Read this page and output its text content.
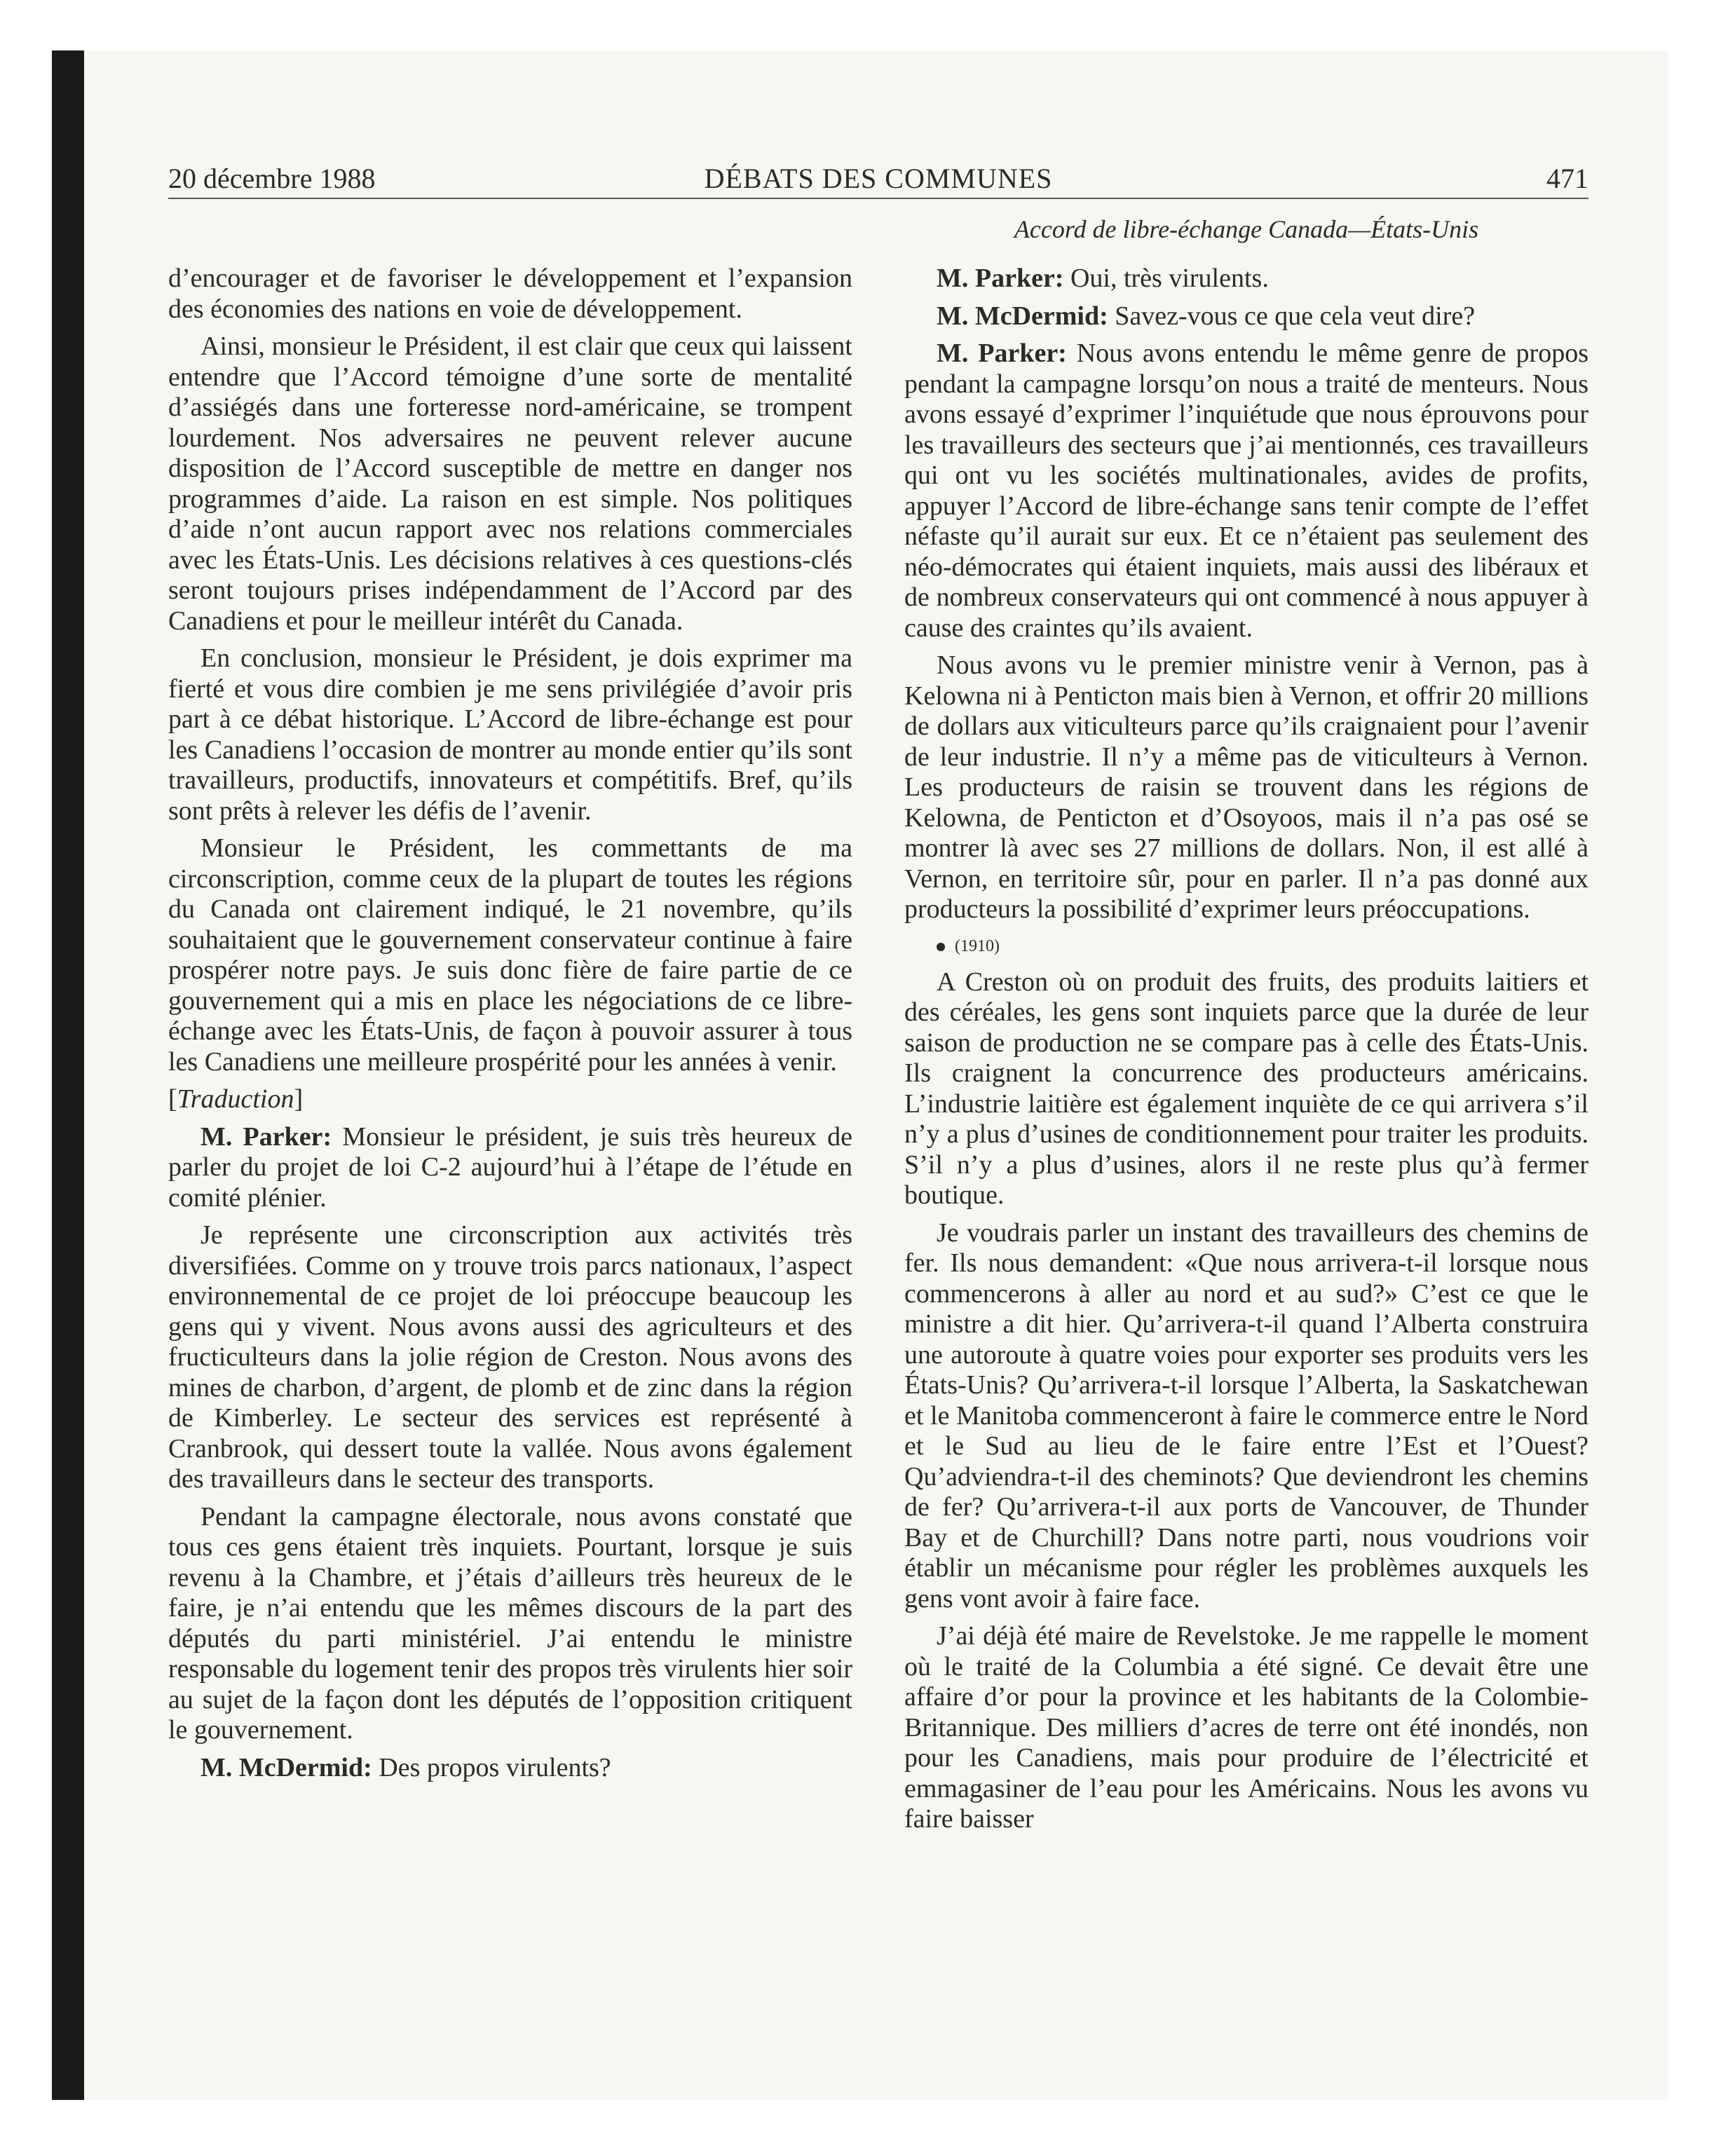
20 décembre 1988	DÉBATS DES COMMUNES	471
Accord de libre-échange Canada—États-Unis

d’encourager et de favoriser le développement et l’expansion des économies des nations en voie de développement.

Ainsi, monsieur le Président, il est clair que ceux qui laissent entendre que l’Accord témoigne d’une sorte de mentalité d’assiégés dans une forteresse nord-américaine, se trompent lourdement. Nos adversaires ne peuvent relever aucune disposition de l’Accord susceptible de mettre en danger nos programmes d’aide. La raison en est simple. Nos politiques d’aide n’ont aucun rapport avec nos relations commerciales avec les États-Unis. Les décisions relatives à ces questions-clés seront toujours prises indépendamment de l’Accord par des Canadiens et pour le meilleur intérêt du Canada.

En conclusion, monsieur le Président, je dois exprimer ma fierté et vous dire combien je me sens privilégiée d’avoir pris part à ce débat historique. L’Accord de libre-échange est pour les Canadiens l’occasion de montrer au monde entier qu’ils sont travailleurs, productifs, innovateurs et compétitifs. Bref, qu’ils sont prêts à relever les défis de l’avenir.

Monsieur le Président, les commettants de ma circonscription, comme ceux de la plupart de toutes les régions du Canada ont clairement indiqué, le 21 novembre, qu’ils souhaitaient que le gouvernement conservateur continue à faire prospérer notre pays. Je suis donc fière de faire partie de ce gouvernement qui a mis en place les négociations de ce libre-échange avec les États-Unis, de façon à pouvoir assurer à tous les Canadiens une meilleure prospérité pour les années à venir.

[Traduction]

M. Parker: Monsieur le président, je suis très heureux de parler du projet de loi C-2 aujourd’hui à l’étape de l’étude en comité plénier.

Je représente une circonscription aux activités très diversifiées. Comme on y trouve trois parcs nationaux, l’aspect environnemental de ce projet de loi préoccupe beaucoup les gens qui y vivent. Nous avons aussi des agriculteurs et des fructiculteurs dans la jolie région de Creston. Nous avons des mines de charbon, d’argent, de plomb et de zinc dans la région de Kimberley. Le secteur des services est représenté à Cranbrook, qui dessert toute la vallée. Nous avons également des travailleurs dans le secteur des transports.

Pendant la campagne électorale, nous avons constaté que tous ces gens étaient très inquiets. Pourtant, lorsque je suis revenu à la Chambre, et j’étais d’ailleurs très heureux de le faire, je n’ai entendu que les mêmes discours de la part des députés du parti ministériel. J’ai entendu le ministre responsable du logement tenir des propos très virulents hier soir au sujet de la façon dont les députés de l’opposition critiquent le gouvernement.

M. McDermid: Des propos virulents?

M. Parker: Oui, très virulents.

M. McDermid: Savez-vous ce que cela veut dire?

M. Parker: Nous avons entendu le même genre de propos pendant la campagne lorsqu’on nous a traité de menteurs. Nous avons essayé d’exprimer l’inquiétude que nous éprouvons pour les travailleurs des secteurs que j’ai mentionnés, ces travailleurs qui ont vu les sociétés multinationales, avides de profits, appuyer l’Accord de libre-échange sans tenir compte de l’effet néfaste qu’il aurait sur eux. Et ce n’étaient pas seulement des néo-démocrates qui étaient inquiets, mais aussi des libéraux et de nombreux conservateurs qui ont commencé à nous appuyer à cause des craintes qu’ils avaient.

Nous avons vu le premier ministre venir à Vernon, pas à Kelowna ni à Penticton mais bien à Vernon, et offrir 20 millions de dollars aux viticulteurs parce qu’ils craignaient pour l’avenir de leur industrie. Il n’y a même pas de viticulteurs à Vernon. Les producteurs de raisin se trouvent dans les régions de Kelowna, de Penticton et d’Osoyoos, mais il n’a pas osé se montrer là avec ses 27 millions de dollars. Non, il est allé à Vernon, en territoire sûr, pour en parler. Il n’a pas donné aux producteurs la possibilité d’exprimer leurs préoccupations.

(1910)

A Creston où on produit des fruits, des produits laitiers et des céréales, les gens sont inquiets parce que la durée de leur saison de production ne se compare pas à celle des États-Unis. Ils craignent la concurrence des producteurs américains. L’industrie laitière est également inquiète de ce qui arrivera s’il n’y a plus d’usines de conditionnement pour traiter les produits. S’il n’y a plus d’usines, alors il ne reste plus qu’à fermer boutique.

Je voudrais parler un instant des travailleurs des chemins de fer. Ils nous demandent: «Que nous arrivera-t-il lorsque nous commencerons à aller au nord et au sud?» C’est ce que le ministre a dit hier. Qu’arrivera-t-il quand l’Alberta construira une autoroute à quatre voies pour exporter ses produits vers les États-Unis? Qu’arrivera-t-il lorsque l’Alberta, la Saskatchewan et le Manitoba commenceront à faire le commerce entre le Nord et le Sud au lieu de le faire entre l’Est et l’Ouest? Qu’adviendra-t-il des cheminots? Que deviendront les chemins de fer? Qu’arrivera-t-il aux ports de Vancouver, de Thunder Bay et de Churchill? Dans notre parti, nous voudrions voir établir un mécanisme pour régler les problèmes auxquels les gens vont avoir à faire face.

J’ai déjà été maire de Revelstoke. Je me rappelle le moment où le traité de la Columbia a été signé. Ce devait être une affaire d’or pour la province et les habitants de la Colombie-Britannique. Des milliers d’acres de terre ont été inondés, non pour les Canadiens, mais pour produire de l’électricité et emmagasiner de l’eau pour les Américains. Nous les avons vu faire baisser
